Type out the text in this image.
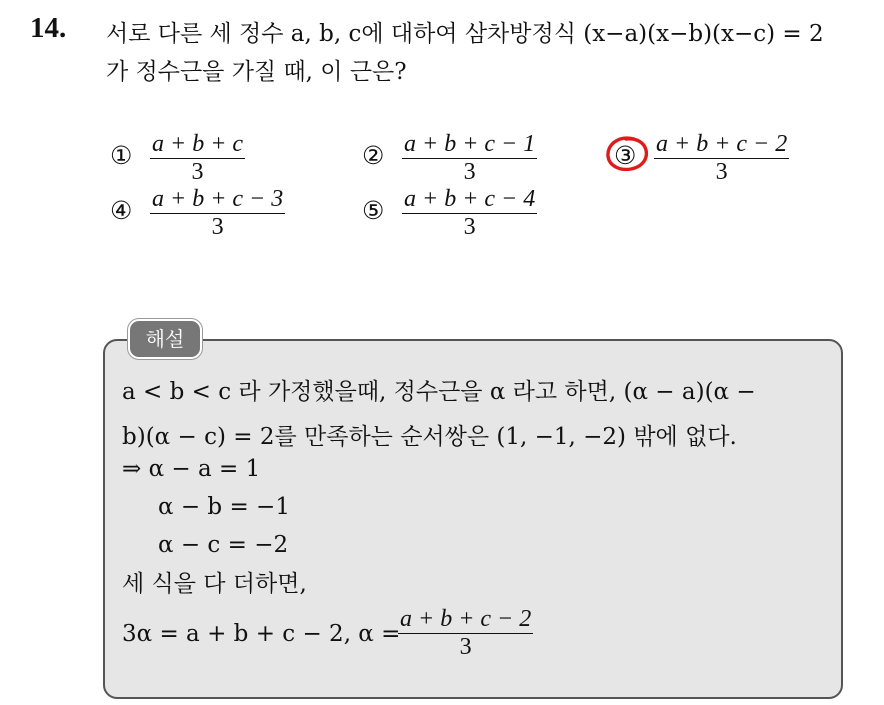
14. 서로 다른 세 정수 a, b, c에 대하여 삼차방정식 (x−a)(x−b)(x−c) = 2
가 정수근을 가질 때, 이 근은?
① a + b + c
3
② a + b + c − 1
3
③ a + b + c − 2
3
④ a + b + c − 3
3
⑤ a + b + c − 4
3
해설
a < b < c 라 가정했을때, 정수근을 α 라고 하면, (α − a)(α −
b)(α − c) = 2를 만족하는 순서쌍은 (1, −1, −2) 밖에 없다.
⇒ α − a = 1
α − b = −1
α − c = −2
세 식을 다 더하면,
3α = a + b + c − 2, α =
a + b + c − 2
3
